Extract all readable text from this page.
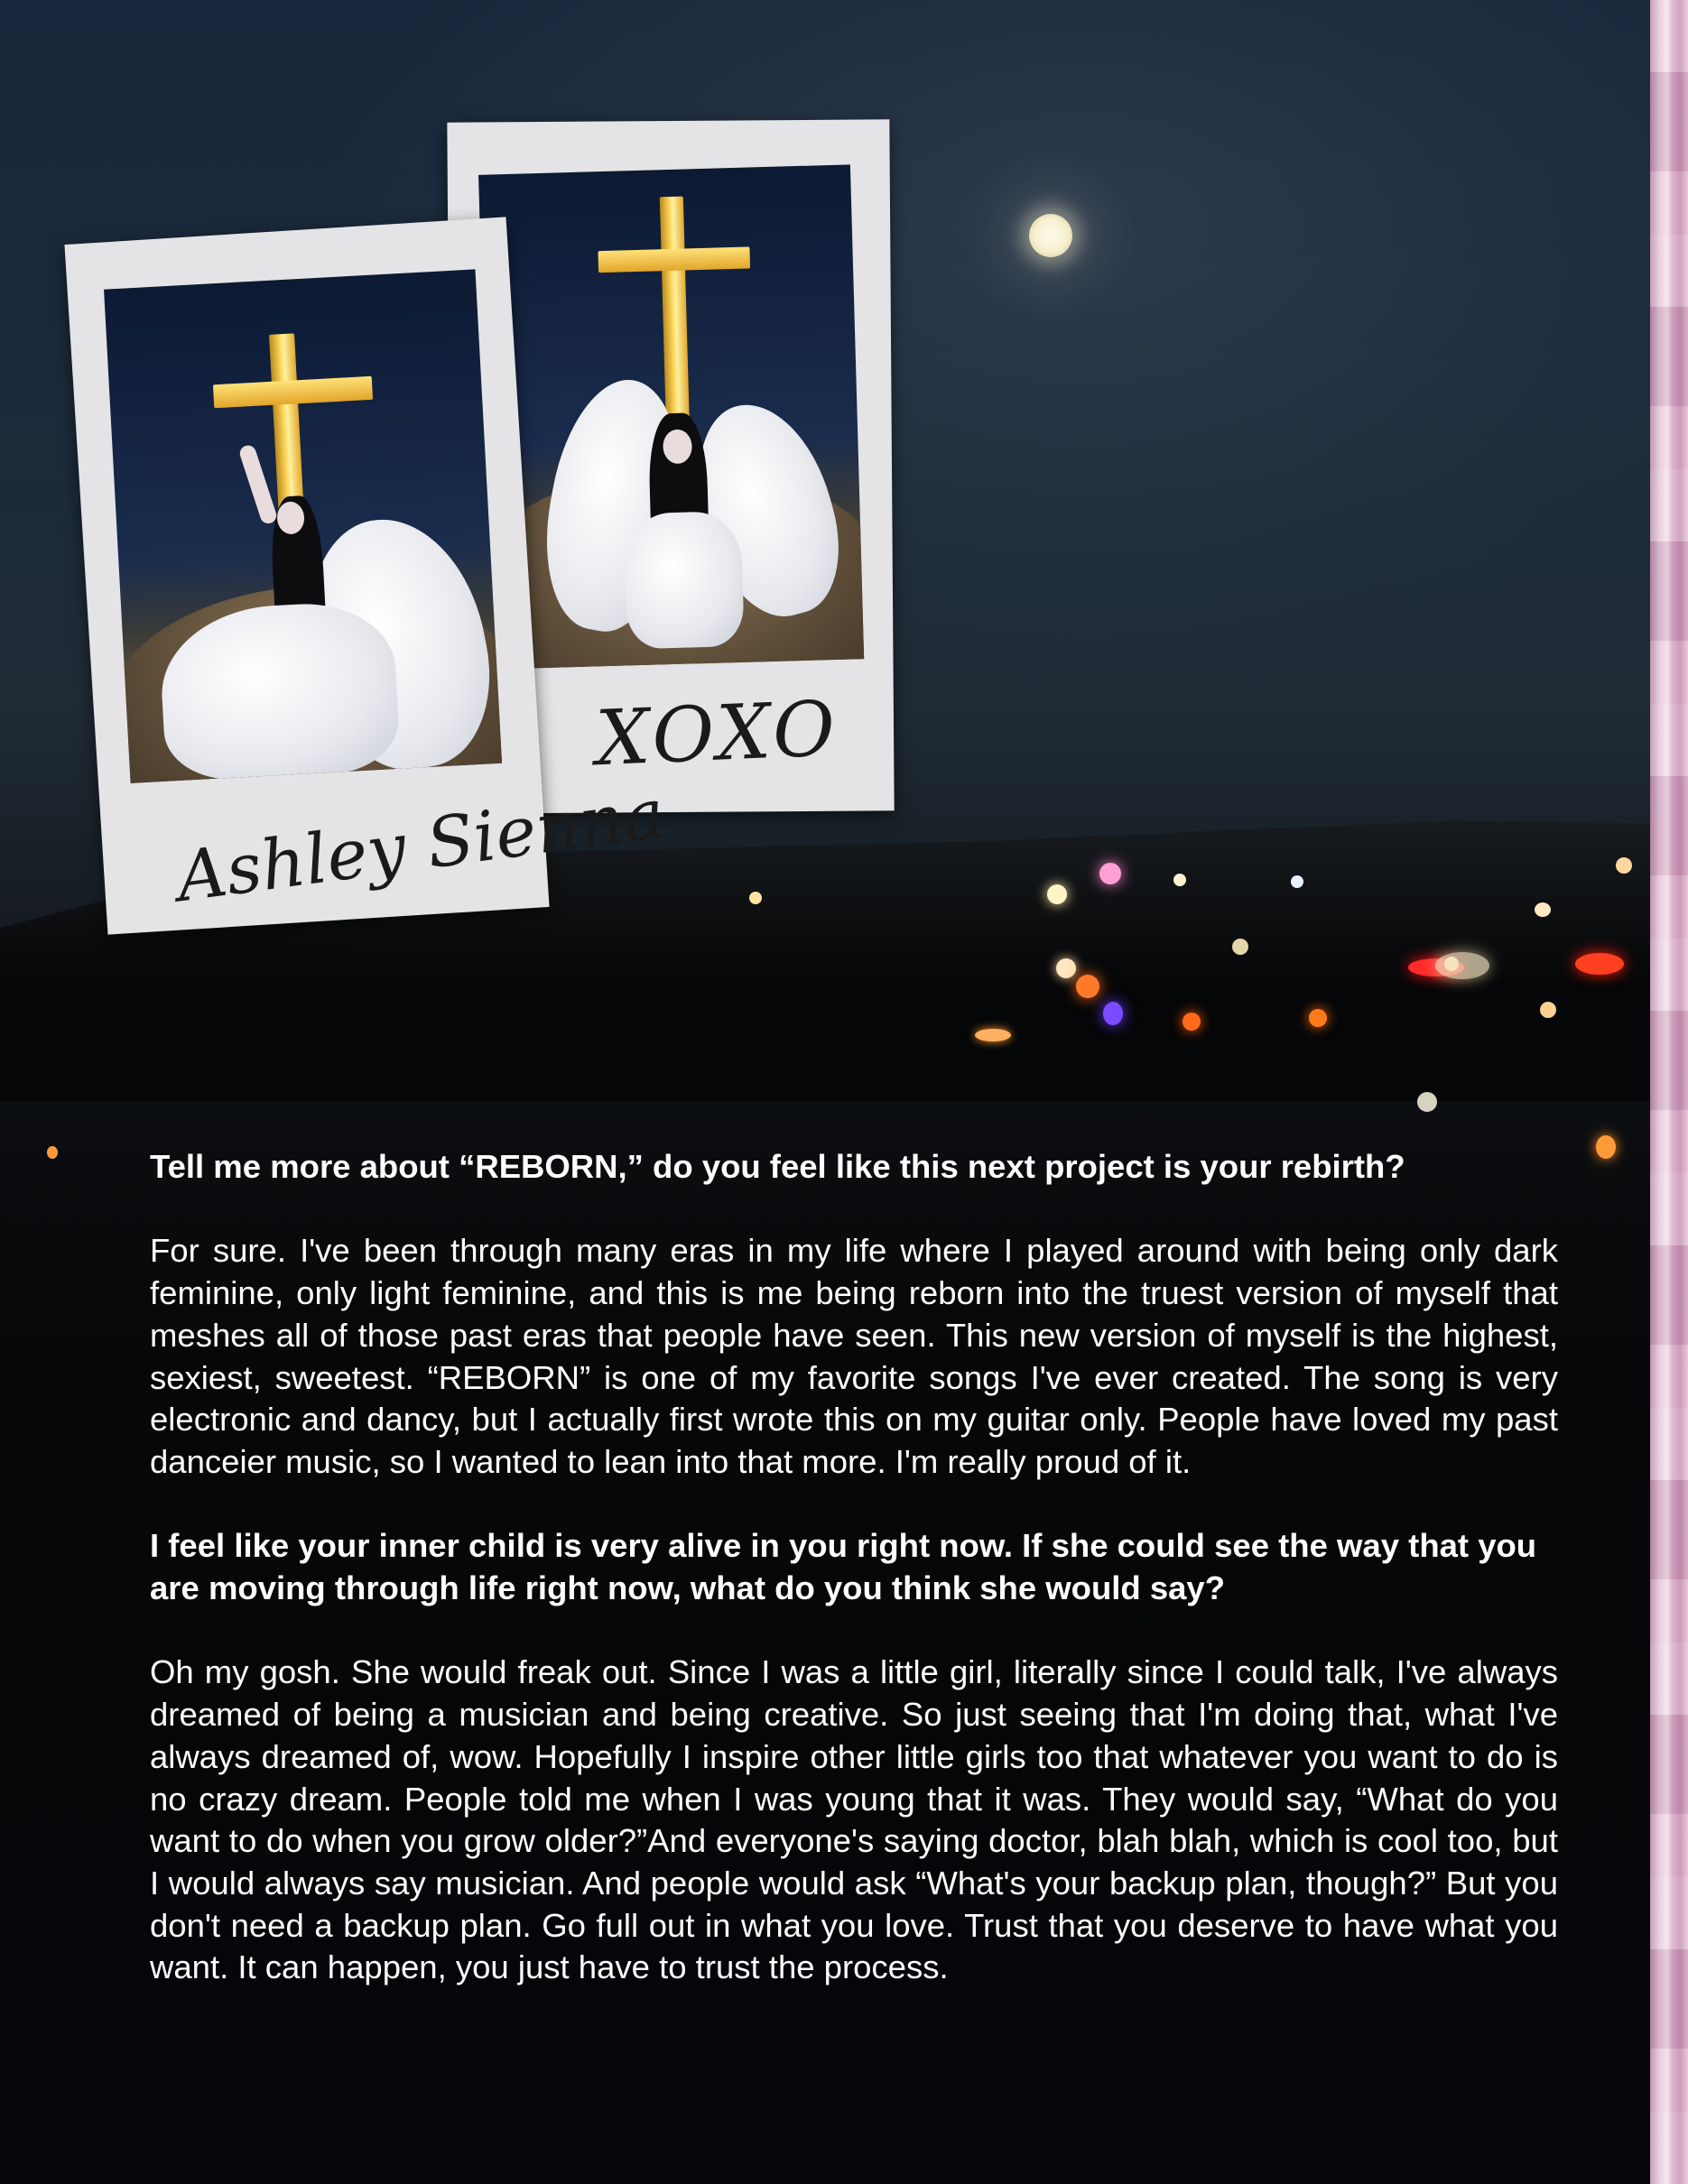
XOXO
Ashley Sienna

Tell me more about “REBORN,” do you feel like this next project is your rebirth?

For sure. I've been through many eras in my life where I played around with being only dark feminine, only light feminine, and this is me being reborn into the truest version of myself that meshes all of those past eras that people have seen. This new version of myself is the highest, sexiest, sweetest. “REBORN” is one of my favorite songs I've ever created. The song is very electronic and dancy, but I actually first wrote this on my guitar only. People have loved my past danceier music, so I wanted to lean into that more. I'm really proud of it.

I feel like your inner child is very alive in you right now. If she could see the way that you are moving through life right now, what do you think she would say?

Oh my gosh. She would freak out. Since I was a little girl, literally since I could talk, I've always dreamed of being a musician and being creative. So just seeing that I'm doing that, what I've always dreamed of, wow. Hopefully I inspire other little girls too that whatever you want to do is no crazy dream. People told me when I was young that it was. They would say, “What do you want to do when you grow older?”And everyone's saying doctor, blah blah, which is cool too, but I would always say musician. And people would ask “What's your backup plan, though?” But you don't need a backup plan. Go full out in what you love. Trust that you deserve to have what you want. It can happen, you just have to trust the process.
